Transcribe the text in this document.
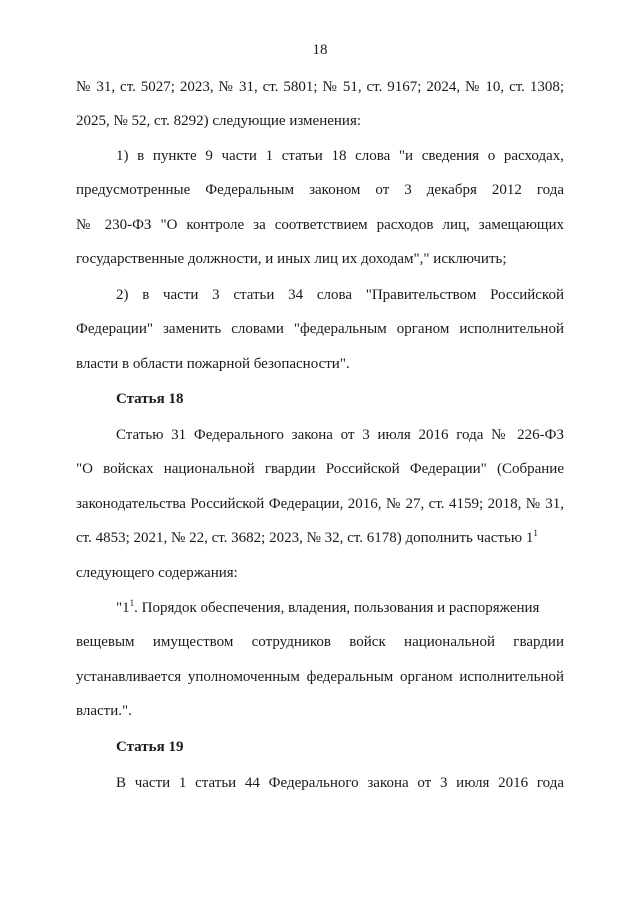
18
№ 31, ст. 5027; 2023, № 31, ст. 5801; № 51, ст. 9167; 2024, № 10, ст. 1308;
2025, № 52, ст. 8292) следующие изменения:
1) в пункте 9 части 1 статьи 18 слова "и сведения о расходах,
предусмотренные Федеральным законом от 3 декабря 2012 года
№ 230-ФЗ "О контроле за соответствием расходов лиц, замещающих
государственные должности, и иных лиц их доходам"," исключить;
2) в части 3 статьи 34 слова "Правительством Российской
Федерации" заменить словами "федеральным органом исполнительной
власти в области пожарной безопасности".
Статья 18
Статью 31 Федерального закона от 3 июля 2016 года № 226-ФЗ
"О войсках национальной гвардии Российской Федерации" (Собрание
законодательства Российской Федерации, 2016, № 27, ст. 4159; 2018, № 31,
ст. 4853; 2021, № 22, ст. 3682; 2023, № 32, ст. 6178) дополнить частью $1^1$
следующего содержания:
"$1^1$. Порядок обеспечения, владения, пользования и распоряжения
вещевым имуществом сотрудников войск национальной гвардии
устанавливается уполномоченным федеральным органом исполнительной
власти.".
Статья 19
В части 1 статьи 44 Федерального закона от 3 июля 2016 года
